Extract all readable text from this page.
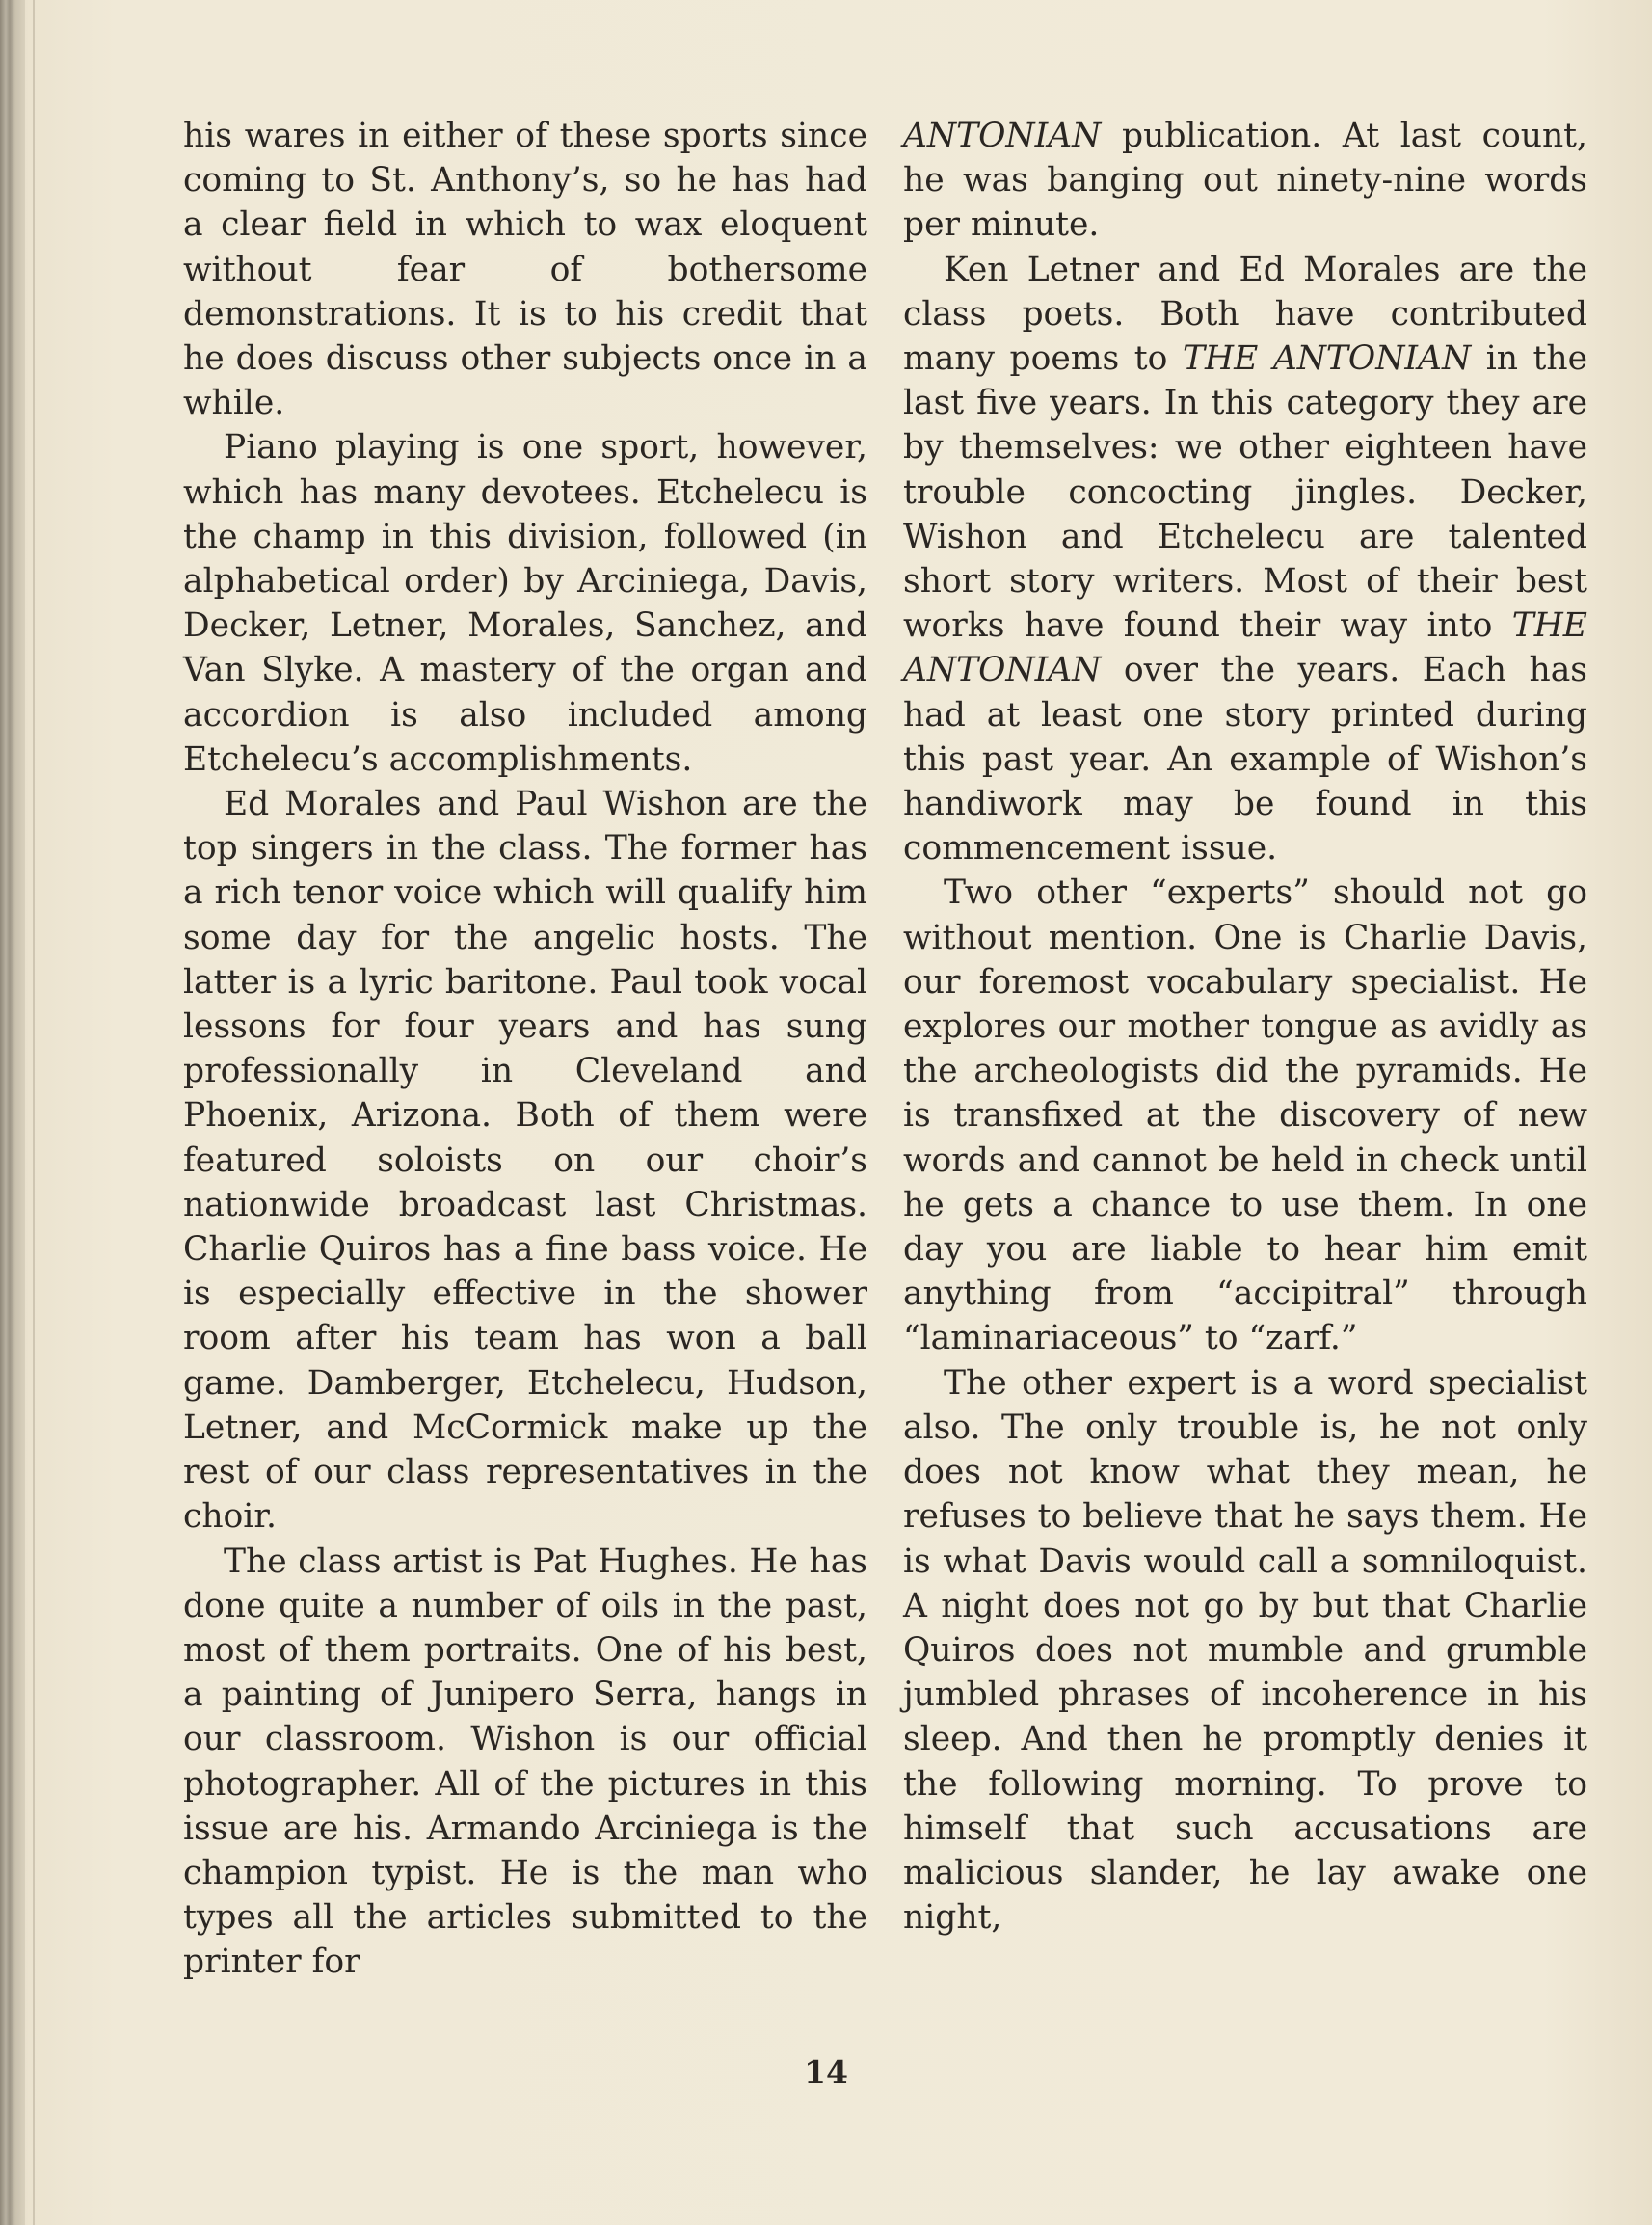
his wares in either of these sports since coming to St. Anthony’s, so he has had a clear field in which to wax eloquent without fear of bothersome demonstrations. It is to his credit that he does discuss other subjects once in a while.

Piano playing is one sport, however, which has many devotees. Etchelecu is the champ in this division, followed (in alphabetical order) by Arciniega, Davis, Decker, Letner, Morales, Sanchez, and Van Slyke. A mastery of the organ and accordion is also included among Etchelecu’s accomplishments.

Ed Morales and Paul Wishon are the top singers in the class. The former has a rich tenor voice which will qualify him some day for the angelic hosts. The latter is a lyric baritone. Paul took vocal lessons for four years and has sung professionally in Cleveland and Phoenix, Arizona. Both of them were featured soloists on our choir’s nationwide broadcast last Christmas. Charlie Quiros has a fine bass voice. He is especially effective in the shower room after his team has won a ball game. Damberger, Etchelecu, Hudson, Letner, and McCormick make up the rest of our class representatives in the choir.

The class artist is Pat Hughes. He has done quite a number of oils in the past, most of them portraits. One of his best, a painting of Junipero Serra, hangs in our classroom. Wishon is our official photographer. All of the pictures in this issue are his. Armando Arciniega is the champion typist. He is the man who types all the articles submitted to the printer for

ANTONIAN publication. At last count, he was banging out ninety-nine words per minute.

Ken Letner and Ed Morales are the class poets. Both have contributed many poems to THE ANTONIAN in the last five years. In this category they are by themselves: we other eighteen have trouble concocting jingles. Decker, Wishon and Etchelecu are talented short story writers. Most of their best works have found their way into THE ANTONIAN over the years. Each has had at least one story printed during this past year. An example of Wishon’s handiwork may be found in this commencement issue.

Two other “experts” should not go without mention. One is Charlie Davis, our foremost vocabulary specialist. He explores our mother tongue as avidly as the archeologists did the pyramids. He is transfixed at the discovery of new words and cannot be held in check until he gets a chance to use them. In one day you are liable to hear him emit anything from “accipitral” through “laminariaceous” to “zarf.”

The other expert is a word specialist also. The only trouble is, he not only does not know what they mean, he refuses to believe that he says them. He is what Davis would call a somniloquist. A night does not go by but that Charlie Quiros does not mumble and grumble jumbled phrases of incoherence in his sleep. And then he promptly denies it the following morning. To prove to himself that such accusations are malicious slander, he lay awake one night,

14
